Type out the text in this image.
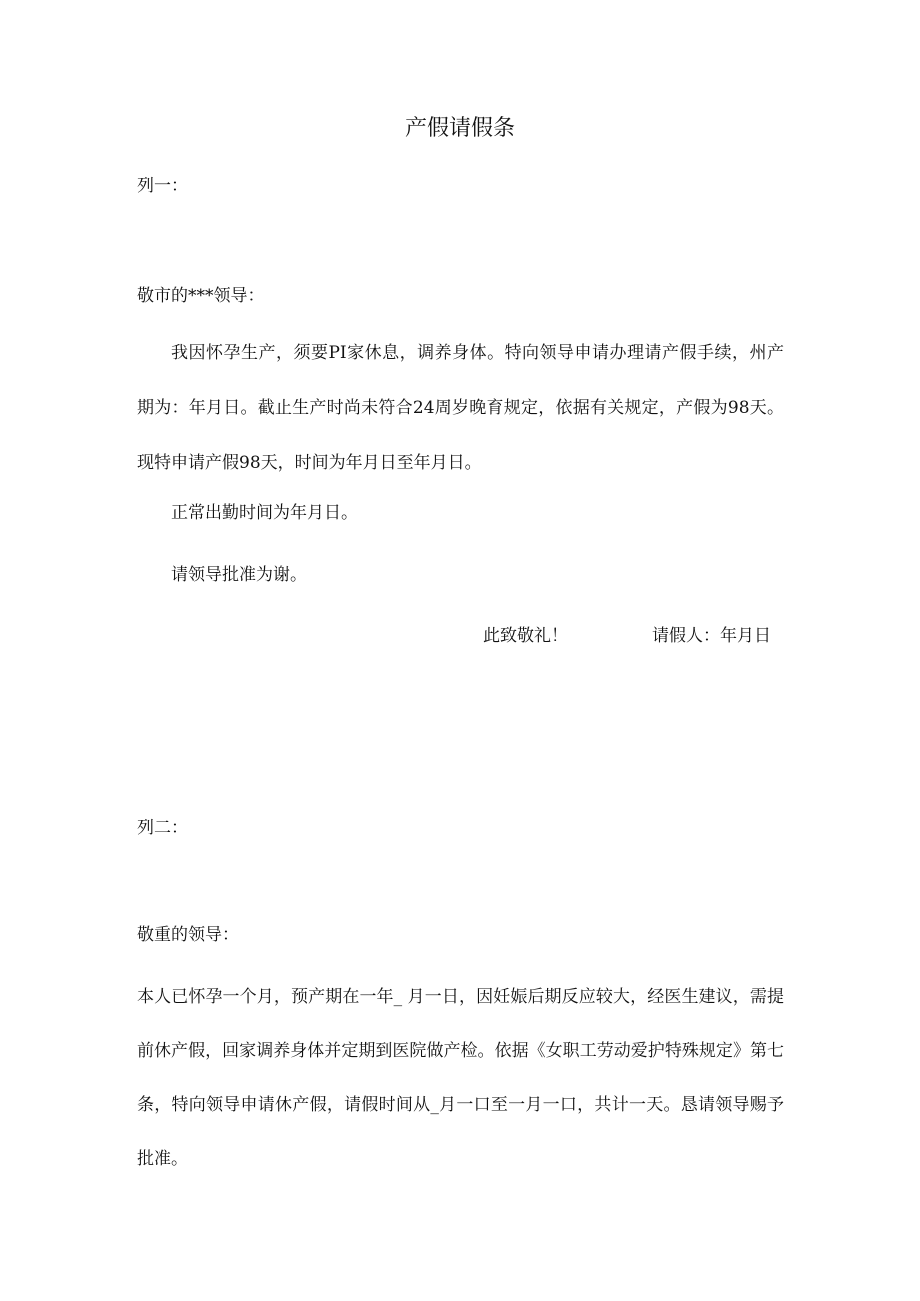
产假请假条
列一：
敬市的***领导：

我因怀孕生产，须要PI家休息，调养身体。特向领导申请办理请产假手续，州产期为：年月日。截止生产时尚未符合24周岁晚育规定，依据有关规定，产假为98天。现特申请产假98天，时间为年月日至年月日。

正常出勤时间为年月日。
请领导批准为谢。
此致敬礼！	请假人：年月日
列二：
敬重的领导：

本人已怀孕一个月，预产期在一年_ 月一日，因妊娠后期反应较大，经医生建议，需提前休产假，回家调养身体并定期到医院做产检。依据《女职工劳动爱护特殊规定》第七条，特向领导申请休产假，请假时间从_月一口至一月一口，共计一天。恳请领导赐予批准。
